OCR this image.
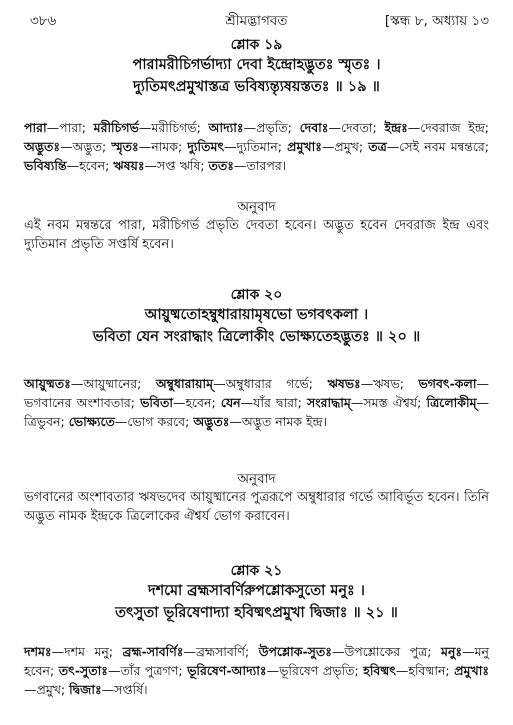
৩৮৬	শ্রীমদ্ভাগবত	[স্কন্ধ ৮, অধ্যায় ১৩
শ্লোক ১৯
পারামরীচিগর্ভাদ্যা দেবা ইন্দ্রোহদ্ভুতঃ স্মৃতঃ ।
দ্যুতিমৎপ্রমুখাস্তত্র ভবিষ্যন্ত্যৃষয়স্ততঃ ॥ ১৯ ॥

পারা—পারা; মরীচিগর্ভ—মরীচিগর্ভ; আদ্যাঃ—প্রভৃতি; দেবাঃ—দেবতা; ইন্দ্রঃ—দেবরাজ ইন্দ্র; অদ্ভুতঃ—অদ্ভুত; স্মৃতঃ—নামক; দ্যুতিমৎ—দ্যুতিমান; প্রমুখাঃ—প্রমুখ; তত্র—সেই নবম মন্বন্তরে; ভবিষ্যন্তি—হবেন; ঋষয়ঃ—সপ্ত ঋষি; ততঃ—তারপর।

অনুবাদ

এই নবম মন্বন্তরে পারা, মরীচিগর্ভ প্রভৃতি দেবতা হবেন। অদ্ভুত হবেন দেবরাজ ইন্দ্র এবং দ্যুতিমান প্রভৃতি সপ্তর্ষি হবেন।

শ্লোক ২০
আয়ুষ্মতোহম্বুধারায়ামৃষভো ভগবৎকলা ।
ভবিতা যেন সংরাদ্ধাং ত্রিলোকীং ভোক্ষ্যতেহদ্ভুতঃ ॥ ২০ ॥

আয়ুষ্মতঃ—আয়ুষ্মানের; অম্বুধারায়াম্—অম্বুধারার গর্ভে; ঋষভঃ—ঋষভ; ভগবৎ-কলা—ভগবানের অংশাবতার; ভবিতা—হবেন; যেন—যাঁর দ্বারা; সংরাদ্ধাম্—সমস্ত ঐশ্বর্য; ত্রিলোকীম্—ত্রিভুবন; ভোক্ষ্যতে—ভোগ করবে; অদ্ভুতঃ—অদ্ভুত নামক ইন্দ্র।

অনুবাদ

ভগবানের অংশাবতার ঋষভদেব আয়ুষ্মানের পুত্ররূপে অম্বুধারার গর্ভে আবির্ভূত হবেন। তিনি অদ্ভুত নামক ইন্দ্রকে ত্রিলোকের ঐশ্বর্য ভোগ করাবেন।

শ্লোক ২১
দশমো ব্রহ্মসাবর্ণিরুপশ্লোকসুতো মনুঃ ।
তৎসুতা ভূরিষেণাদ্যা হবিষ্মৎপ্রমুখা দ্বিজাঃ ॥ ২১ ॥

দশমঃ—দশম মনু; ব্রহ্ম-সাবর্ণিঃ—ব্রহ্মসাবর্ণি; উপশ্লোক-সুতঃ—উপশ্লোকের পুত্র; মনুঃ—মনু হবেন; তৎ-সুতাঃ—তাঁর পুত্রগণ; ভূরিষেণ-আদ্যাঃ—ভূরিষেণ প্রভৃতি; হবিষ্মৎ—হবিষ্মান; প্রমুখাঃ—প্রমুখ; দ্বিজাঃ—সপ্তর্ষি।
